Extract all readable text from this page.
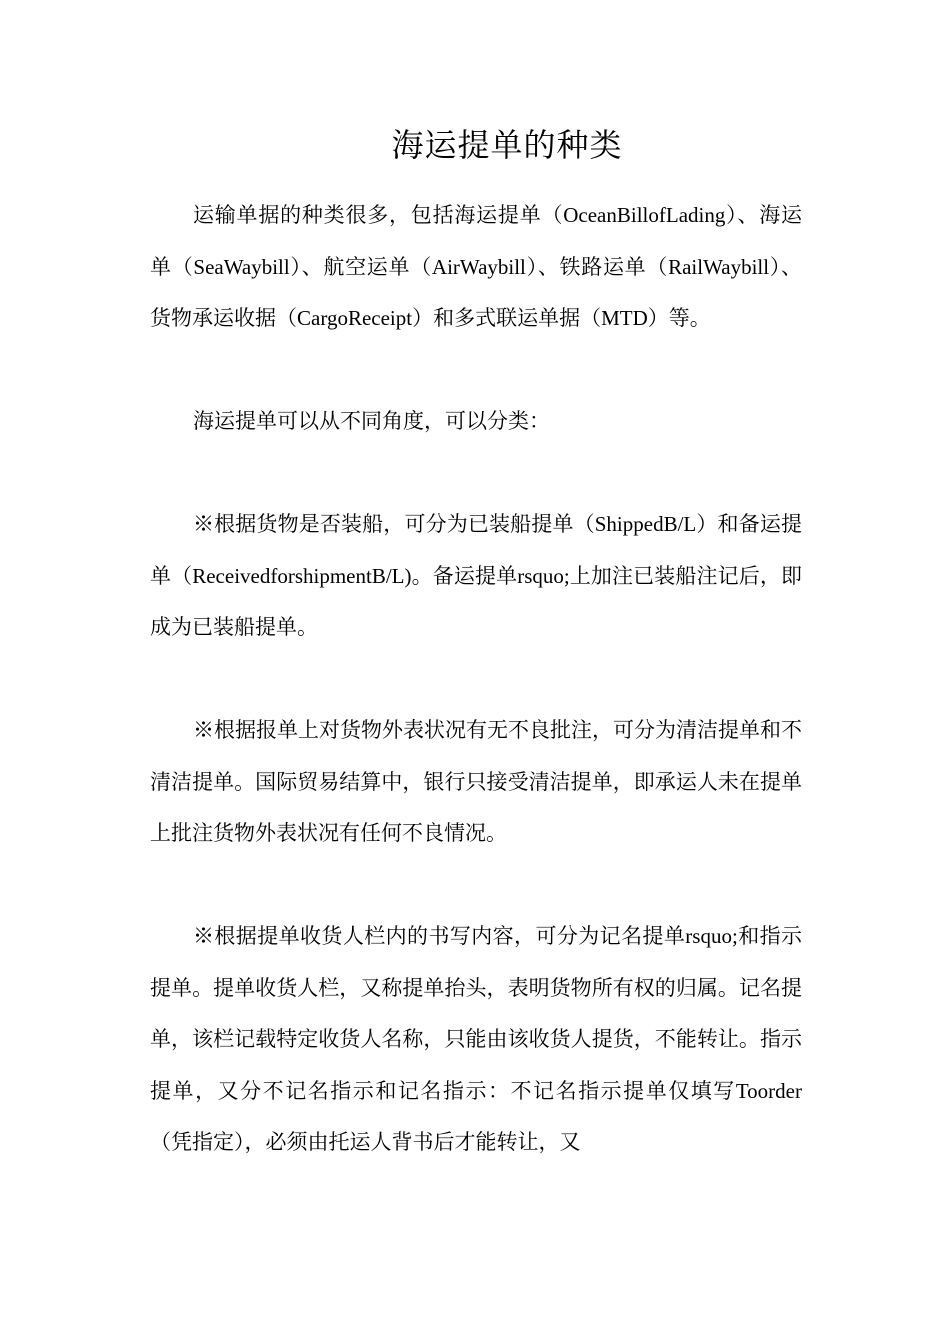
海运提单的种类

运输单据的种类很多，包括海运提单（OceanBillofLading）、海运单（SeaWaybill）、航空运单（AirWaybill）、铁路运单（RailWaybill）、货物承运收据（CargoReceipt）和多式联运单据（MTD）等。

海运提单可以从不同角度，可以分类：

※根据货物是否装船，可分为已装船提单（ShippedB/L）和备运提单（ReceivedforshipmentB/L)。备运提单rsquo;上加注已装船注记后，即成为已装船提单。

※根据报单上对货物外表状况有无不良批注，可分为清洁提单和不清洁提单。国际贸易结算中，银行只接受清洁提单，即承运人未在提单上批注货物外表状况有任何不良情况。

※根据提单收货人栏内的书写内容，可分为记名提单rsquo;和指示提单。提单收货人栏，又称提单抬头，表明货物所有权的归属。记名提单，该栏记载特定收货人名称，只能由该收货人提货，不能转让。指示提单，又分不记名指示和记名指示：不记名指示提单仅填写Toorder（凭指定），必须由托运人背书后才能转让，又
